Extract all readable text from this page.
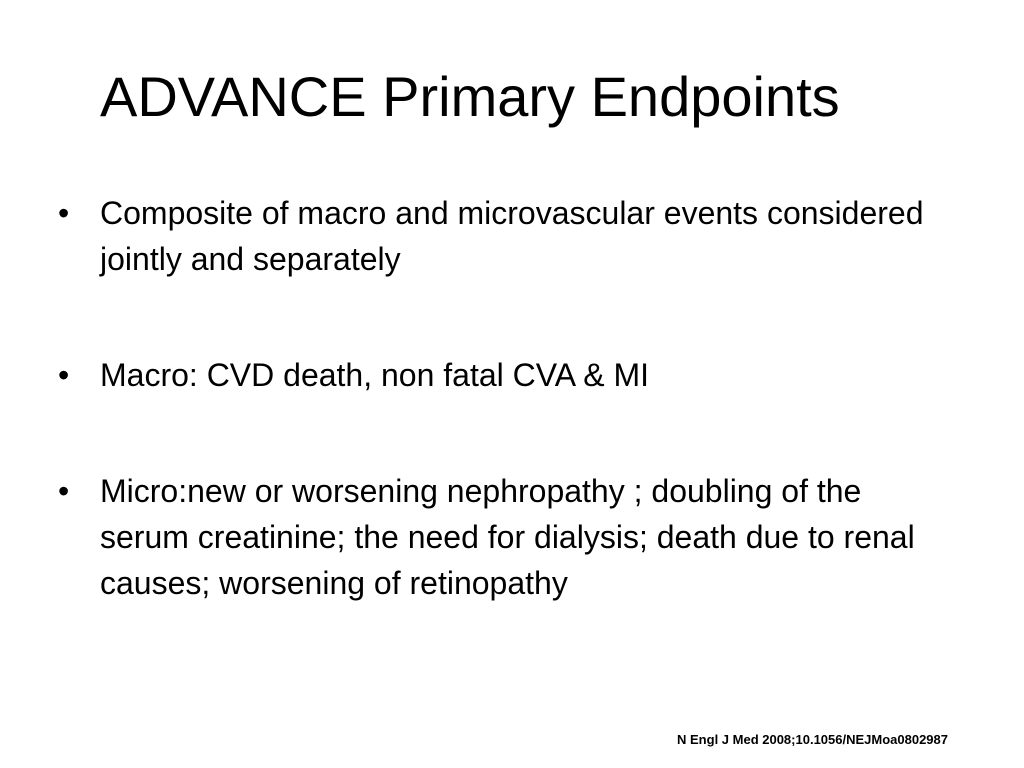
ADVANCE Primary Endpoints
• Composite of macro and microvascular events considered jointly and separately
• Macro: CVD death, non fatal CVA & MI
• Micro:new or worsening nephropathy ; doubling of the serum creatinine; the need for dialysis; death due to renal causes; worsening of retinopathy

N Engl J Med 2008;10.1056/NEJMoa0802987
